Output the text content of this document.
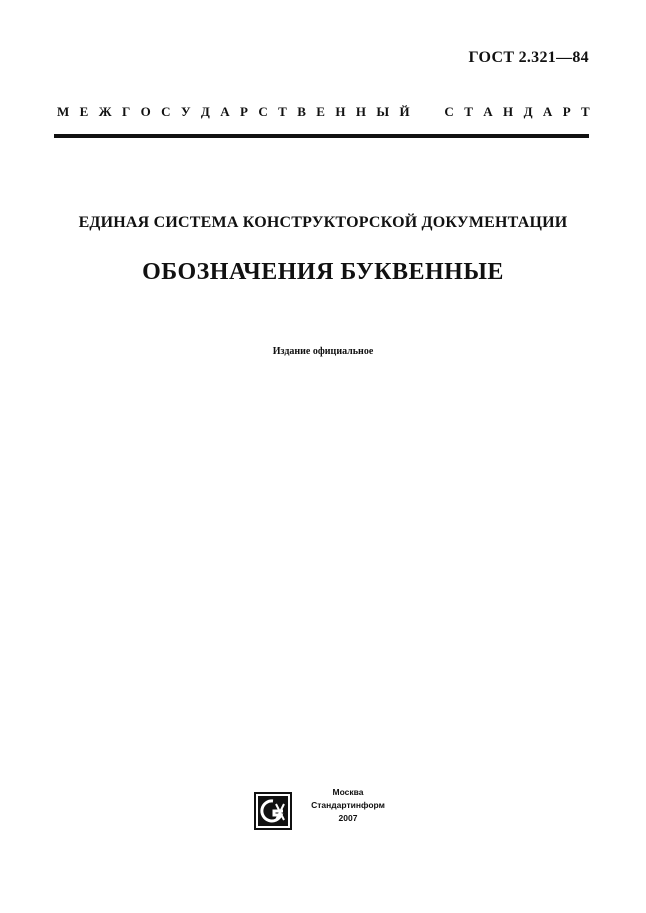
ГОСТ 2.321—84
М Е Ж Г О С У Д А Р С Т В Е Н Н Ы Й
	С Т А Н Д А Р Т
ЕДИНАЯ СИСТЕМА КОНСТРУКТОРСКОЙ ДОКУМЕНТАЦИИ
ОБОЗНАЧЕНИЯ БУКВЕННЫЕ
Издание официальное
Москва
Стандартинформ
2007
